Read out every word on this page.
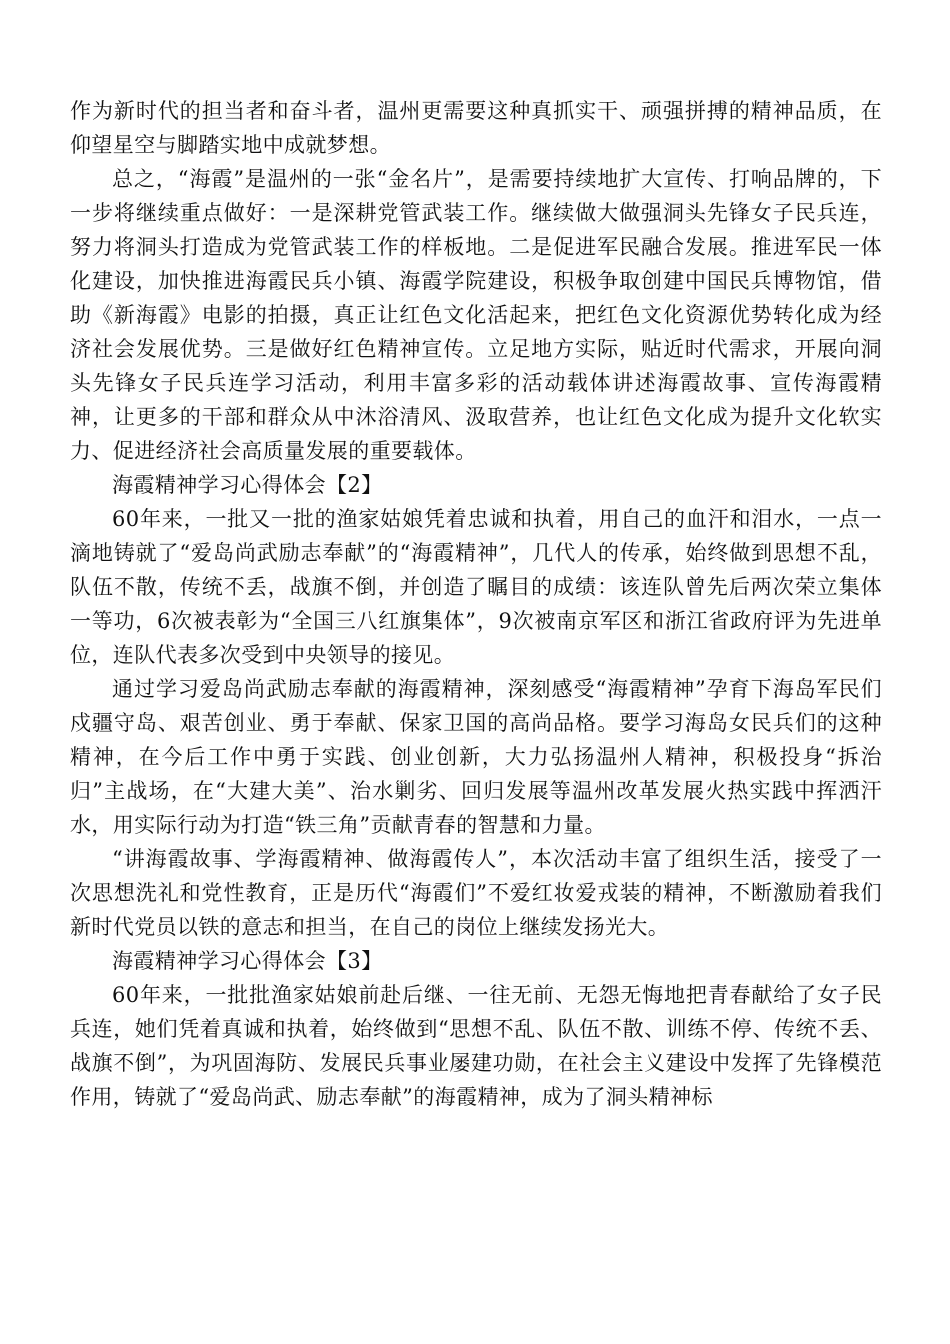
作为新时代的担当者和奋斗者，温州更需要这种真抓实干、顽强拼搏的精神品质，在仰望星空与脚踏实地中成就梦想。

总之，“海霞”是温州的一张“金名片”，是需要持续地扩大宣传、打响品牌的，下一步将继续重点做好：一是深耕党管武装工作。继续做大做强洞头先锋女子民兵连，努力将洞头打造成为党管武装工作的样板地。二是促进军民融合发展。推进军民一体化建设，加快推进海霞民兵小镇、海霞学院建设，积极争取创建中国民兵博物馆，借助《新海霞》电影的拍摄，真正让红色文化活起来，把红色文化资源优势转化成为经济社会发展优势。三是做好红色精神宣传。立足地方实际，贴近时代需求，开展向洞头先锋女子民兵连学习活动，利用丰富多彩的活动载体讲述海霞故事、宣传海霞精神，让更多的干部和群众从中沐浴清风、汲取营养，也让红色文化成为提升文化软实力、促进经济社会高质量发展的重要载体。

海霞精神学习心得体会【2】

60年来，一批又一批的渔家姑娘凭着忠诚和执着，用自己的血汗和泪水，一点一滴地铸就了“爱岛尚武励志奉献”的“海霞精神”，几代人的传承，始终做到思想不乱，队伍不散，传统不丢，战旗不倒，并创造了瞩目的成绩：该连队曾先后两次荣立集体一等功，6次被表彰为“全国三八红旗集体”，9次被南京军区和浙江省政府评为先进单位，连队代表多次受到中央领导的接见。

通过学习爱岛尚武励志奉献的海霞精神，深刻感受“海霞精神”孕育下海岛军民们戍疆守岛、艰苦创业、勇于奉献、保家卫国的高尚品格。要学习海岛女民兵们的这种精神，在今后工作中勇于实践、创业创新，大力弘扬温州人精神，积极投身“拆治归”主战场，在“大建大美”、治水剿劣、回归发展等温州改革发展火热实践中挥洒汗水，用实际行动为打造“铁三角”贡献青春的智慧和力量。

“讲海霞故事、学海霞精神、做海霞传人”，本次活动丰富了组织生活，接受了一次思想洗礼和党性教育，正是历代“海霞们”不爱红妆爱戎装的精神，不断激励着我们新时代党员以铁的意志和担当，在自己的岗位上继续发扬光大。

海霞精神学习心得体会【3】

60年来，一批批渔家姑娘前赴后继、一往无前、无怨无悔地把青春献给了女子民兵连，她们凭着真诚和执着，始终做到“思想不乱、队伍不散、训练不停、传统不丢、战旗不倒”，为巩固海防、发展民兵事业屡建功勋，在社会主义建设中发挥了先锋模范作用，铸就了“爱岛尚武、励志奉献”的海霞精神，成为了洞头精神标
